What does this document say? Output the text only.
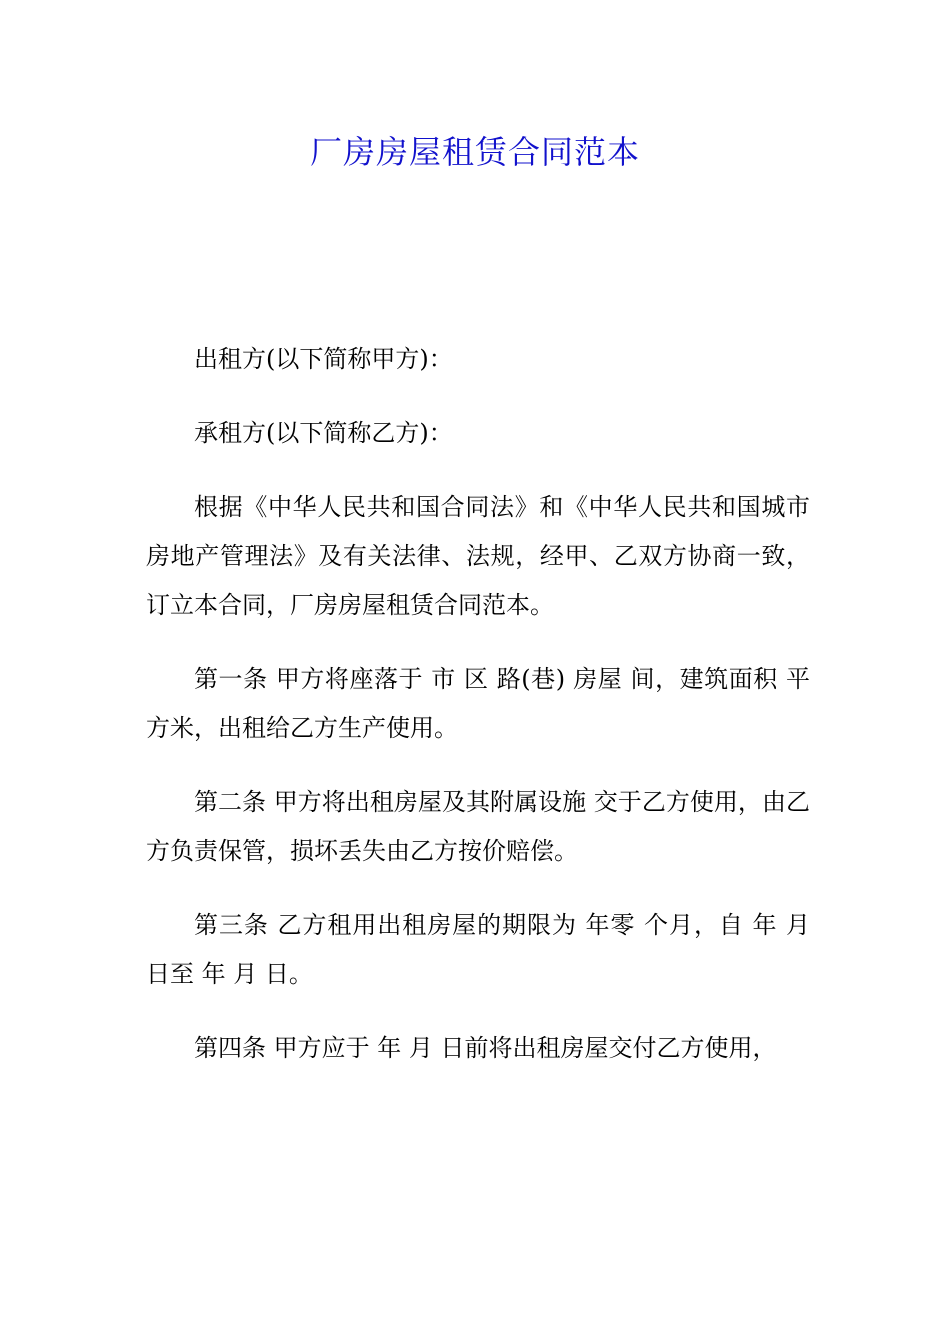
厂房房屋租赁合同范本

出租方(以下简称甲方)：

承租方(以下简称乙方)：

根据《中华人民共和国合同法》和《中华人民共和国城市房地产管理法》及有关法律、法规，经甲、乙双方协商一致，订立本合同，厂房房屋租赁合同范本。

第一条 甲方将座落于 市 区 路(巷) 房屋 间，建筑面积 平方米，出租给乙方生产使用。

第二条 甲方将出租房屋及其附属设施 交于乙方使用，由乙方负责保管，损坏丢失由乙方按价赔偿。

第三条 乙方租用出租房屋的期限为 年零 个月，自 年 月 日至 年 月 日。

第四条 甲方应于 年 月 日前将出租房屋交付乙方使用，
